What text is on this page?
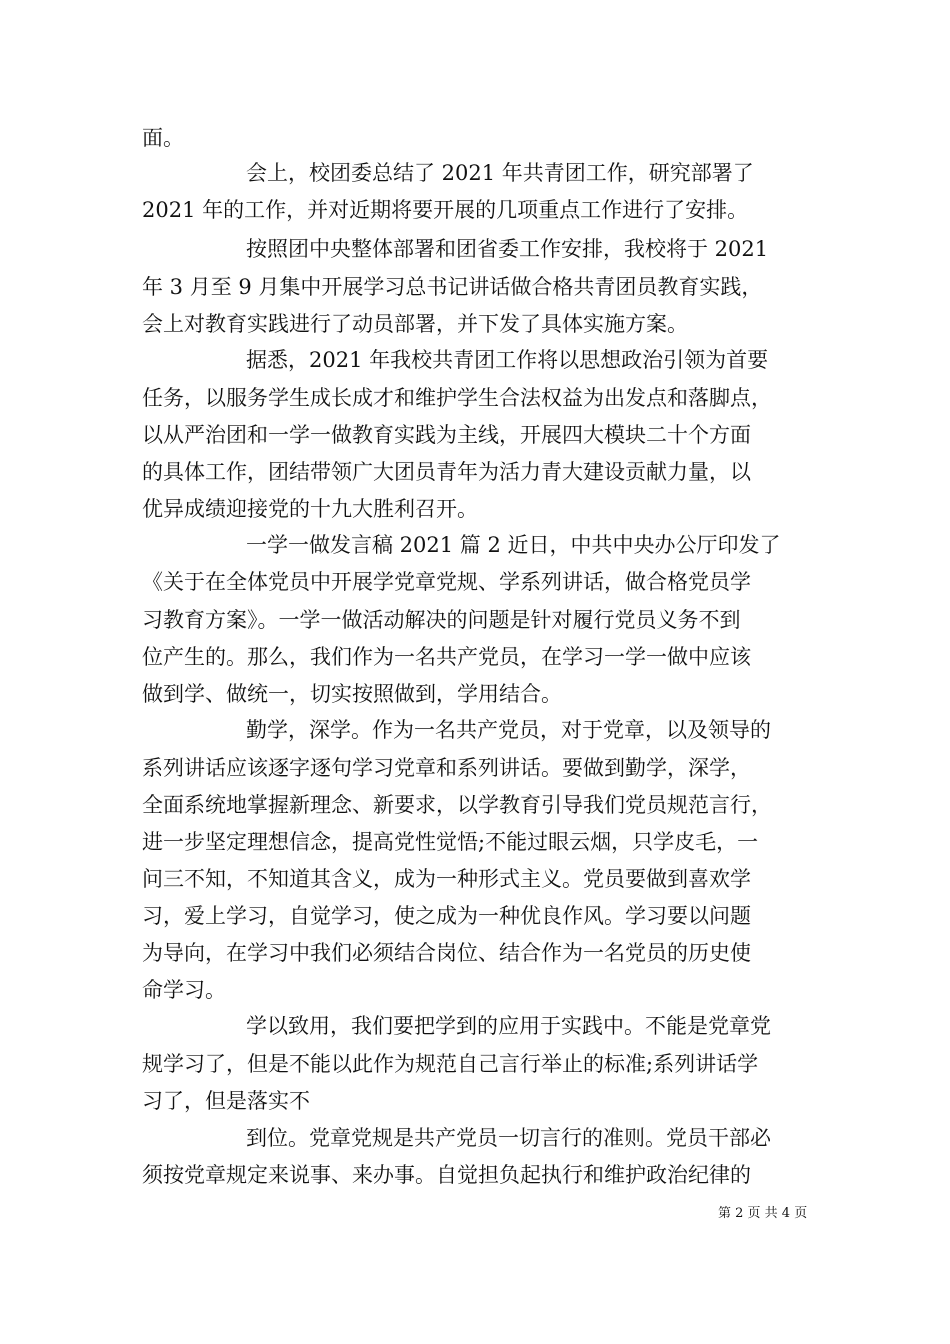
面。
会上，校团委总结了 2021 年共青团工作，研究部署了
2021 年的工作，并对近期将要开展的几项重点工作进行了安排。
按照团中央整体部署和团省委工作安排，我校将于 2021
年 3 月至 9 月集中开展学习总书记讲话做合格共青团员教育实践，
会上对教育实践进行了动员部署，并下发了具体实施方案。
据悉，2021 年我校共青团工作将以思想政治引领为首要
任务，以服务学生成长成才和维护学生合法权益为出发点和落脚点，
以从严治团和一学一做教育实践为主线，开展四大模块二十个方面
的具体工作，团结带领广大团员青年为活力青大建设贡献力量，以
优异成绩迎接党的十九大胜利召开。
一学一做发言稿 2021 篇 2 近日，中共中央办公厅印发了
《关于在全体党员中开展学党章党规、学系列讲话，做合格党员学
习教育方案》。一学一做活动解决的问题是针对履行党员义务不到
位产生的。那么，我们作为一名共产党员，在学习一学一做中应该
做到学、做统一，切实按照做到，学用结合。
勤学，深学。作为一名共产党员，对于党章，以及领导的
系列讲话应该逐字逐句学习党章和系列讲话。要做到勤学，深学，
全面系统地掌握新理念、新要求，以学教育引导我们党员规范言行，
进一步坚定理想信念，提高党性觉悟;不能过眼云烟，只学皮毛，一
问三不知，不知道其含义，成为一种形式主义。党员要做到喜欢学
习，爱上学习，自觉学习，使之成为一种优良作风。学习要以问题
为导向，在学习中我们必须结合岗位、结合作为一名党员的历史使
命学习。
学以致用，我们要把学到的应用于实践中。不能是党章党
规学习了，但是不能以此作为规范自己言行举止的标准;系列讲话学
习了，但是落实不
到位。党章党规是共产党员一切言行的准则。党员干部必
须按党章规定来说事、来办事。自觉担负起执行和维护政治纪律的
第 2 页 共 4 页
